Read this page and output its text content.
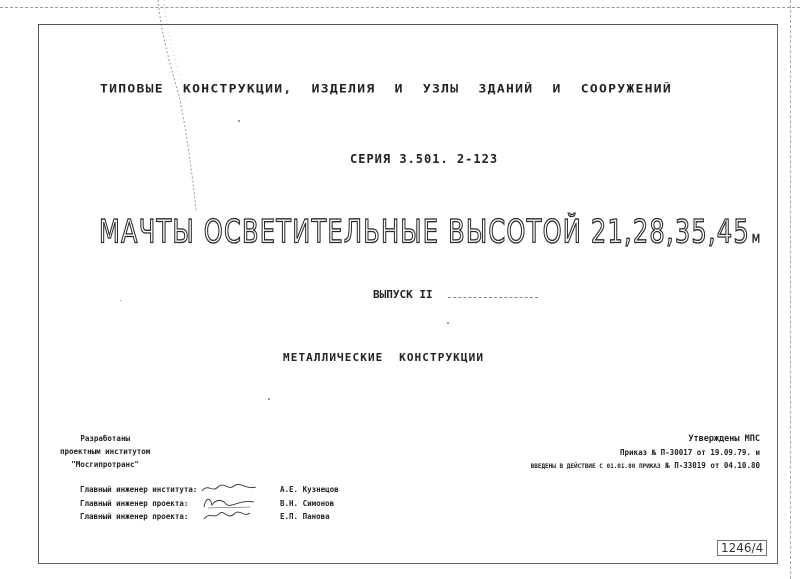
ТИПОВЫЕ КОНСТРУКЦИИ, ИЗДЕЛИЯ И УЗЛЫ ЗДАНИЙ И СООРУЖЕНИЙ
СЕРИЯ 3.501. 2-123
МАЧТЫ ОСВЕТИТЕЛЬНЫЕ ВЫСОТОЙ 21,28,35,45 м
ВЫПУСК II
МЕТАЛЛИЧЕСКИЕ КОНСТРУКЦИИ
Разработаны
проектным институтом
"Мосгипротранс"
Утверждены МПС
Приказ № П-30017 от 19.09.79. и
ВВЕДЕНЫ В ДЕЙСТВИЕ С 01.01.80 ПРИКАЗ № П-33019 от 04.10.80
Главный инженер института:	А.Е. Кузнецов
Главный инженер проекта:	В.Н. Симонов
Главный инженер проекта:	Е.П. Панова
1246/4
